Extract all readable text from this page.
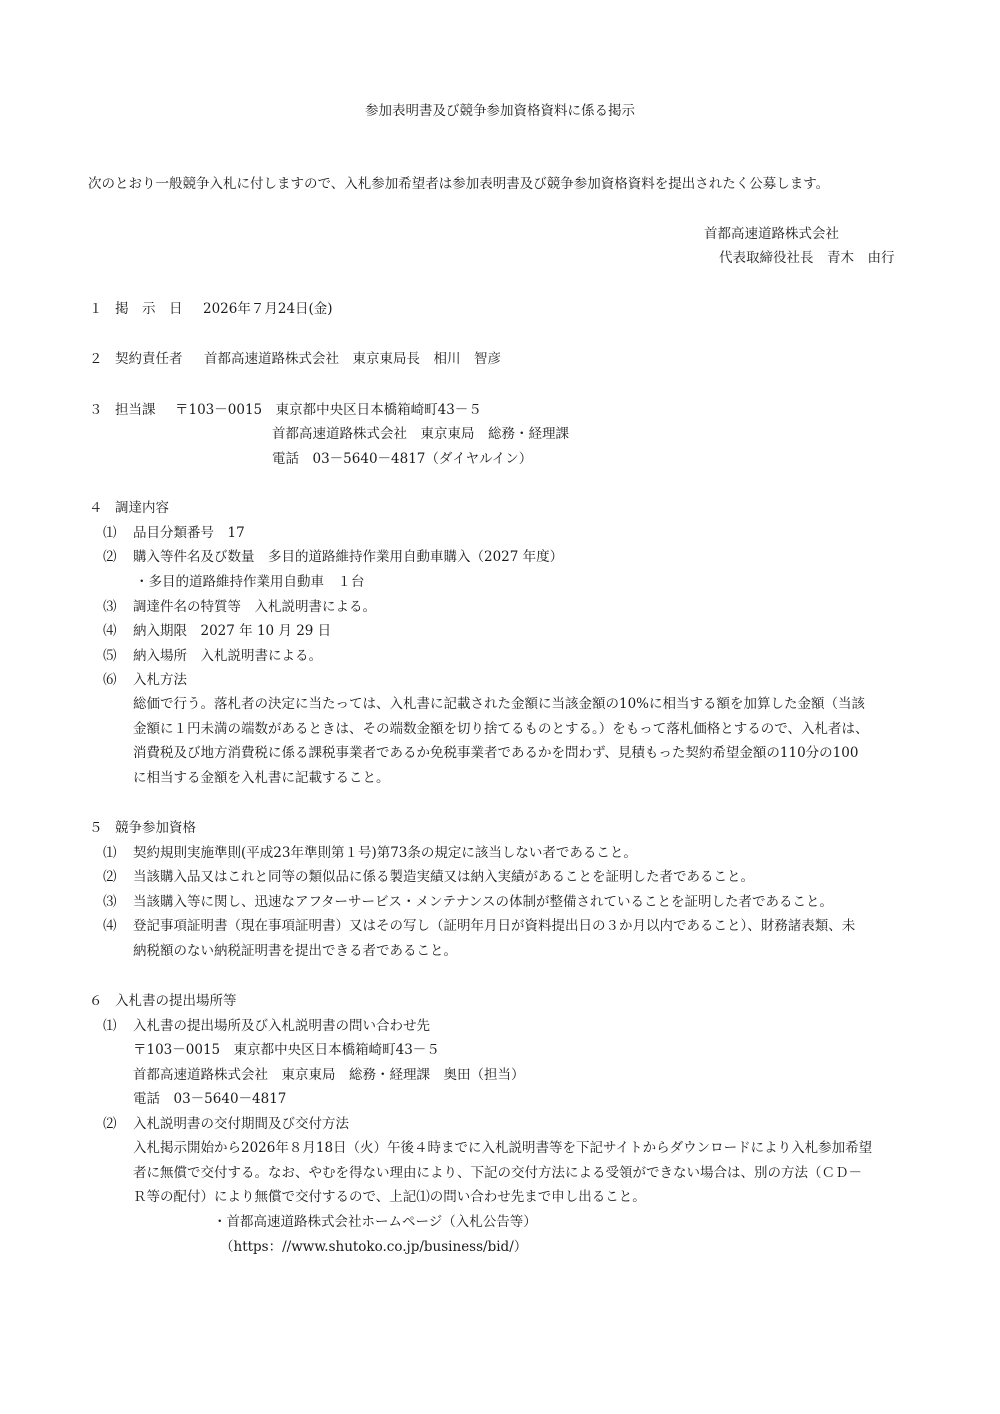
参加表明書及び競争参加資格資料に係る掲示
次のとおり一般競争入札に付しますので、入札参加希望者は参加表明書及び競争参加資格資料を提出されたく公募します。
首都高速道路株式会社
代表取締役社長　青木　由行
１ 掲　示　日 2026年７月24日(金)
２ 契約責任者 首都高速道路株式会社　東京東局長　相川　智彦
３ 担当課 〒103－0015　東京都中央区日本橋箱崎町43－５
首都高速道路株式会社　東京東局　総務・経理課
電話　03－5640－4817（ダイヤルイン）
４ 調達内容
⑴ 品目分類番号　17
⑵ 購入等件名及び数量　多目的道路維持作業用自動車購入（2027 年度）
・多目的道路維持作業用自動車　１台
⑶ 調達件名の特質等　入札説明書による。
⑷ 納入期限　2027 年 10 月 29 日
⑸ 納入場所　入札説明書による。
⑹ 入札方法
総価で行う。落札者の決定に当たっては、入札書に記載された金額に当該金額の10%に相当する額を加算した金額（当該
金額に１円未満の端数があるときは、その端数金額を切り捨てるものとする。）をもって落札価格とするので、入札者は、
消費税及び地方消費税に係る課税事業者であるか免税事業者であるかを問わず、見積もった契約希望金額の110分の100
に相当する金額を入札書に記載すること。
５ 競争参加資格
⑴ 契約規則実施準則(平成23年準則第１号)第73条の規定に該当しない者であること。
⑵ 当該購入品又はこれと同等の類似品に係る製造実績又は納入実績があることを証明した者であること。
⑶ 当該購入等に関し、迅速なアフターサービス・メンテナンスの体制が整備されていることを証明した者であること。
⑷ 登記事項証明書（現在事項証明書）又はその写し（証明年月日が資料提出日の３か月以内であること）、財務諸表類、未
納税額のない納税証明書を提出できる者であること。
６ 入札書の提出場所等
⑴ 入札書の提出場所及び入札説明書の問い合わせ先
〒103－0015　東京都中央区日本橋箱崎町43－５
首都高速道路株式会社　東京東局　総務・経理課　奥田（担当）
電話　03－5640－4817
⑵ 入札説明書の交付期間及び交付方法
入札掲示開始から2026年８月18日（火）午後４時までに入札説明書等を下記サイトからダウンロードにより入札参加希望
者に無償で交付する。なお、やむを得ない理由により、下記の交付方法による受領ができない場合は、別の方法（ＣＤ－
Ｒ等の配付）により無償で交付するので、上記⑴の問い合わせ先まで申し出ること。
・首都高速道路株式会社ホームページ（入札公告等）
（https：//www.shutoko.co.jp/business/bid/）
